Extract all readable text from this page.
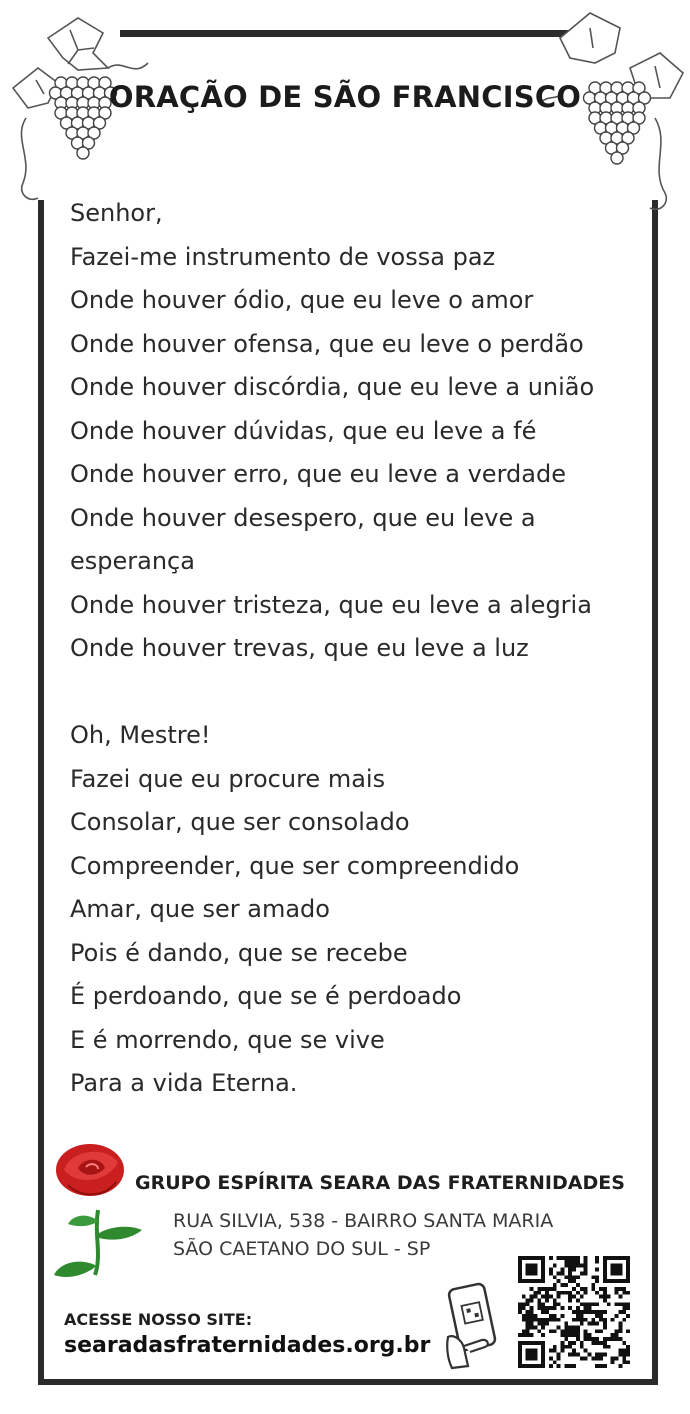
ORAÇÃO DE SÃO FRANCISCO
Senhor,
Fazei-me instrumento de vossa paz
Onde houver ódio, que eu leve o amor
Onde houver ofensa, que eu leve o perdão
Onde houver discórdia, que eu leve a união
Onde houver dúvidas, que eu leve a fé
Onde houver erro, que eu leve a verdade
Onde houver desespero, que eu leve a
esperança
Onde houver tristeza, que eu leve a alegria
Onde houver trevas, que eu leve a luz
Oh, Mestre!
Fazei que eu procure mais
Consolar, que ser consolado
Compreender, que ser compreendido
Amar, que ser amado
Pois é dando, que se recebe
É perdoando, que se é perdoado
E é morrendo, que se vive
Para a vida Eterna.
GRUPO ESPÍRITA SEARA DAS FRATERNIDADES
RUA SILVIA, 538 - BAIRRO SANTA MARIA
SÃO CAETANO DO SUL - SP
ACESSE NOSSO SITE:
searadasfraternidades.org.br
